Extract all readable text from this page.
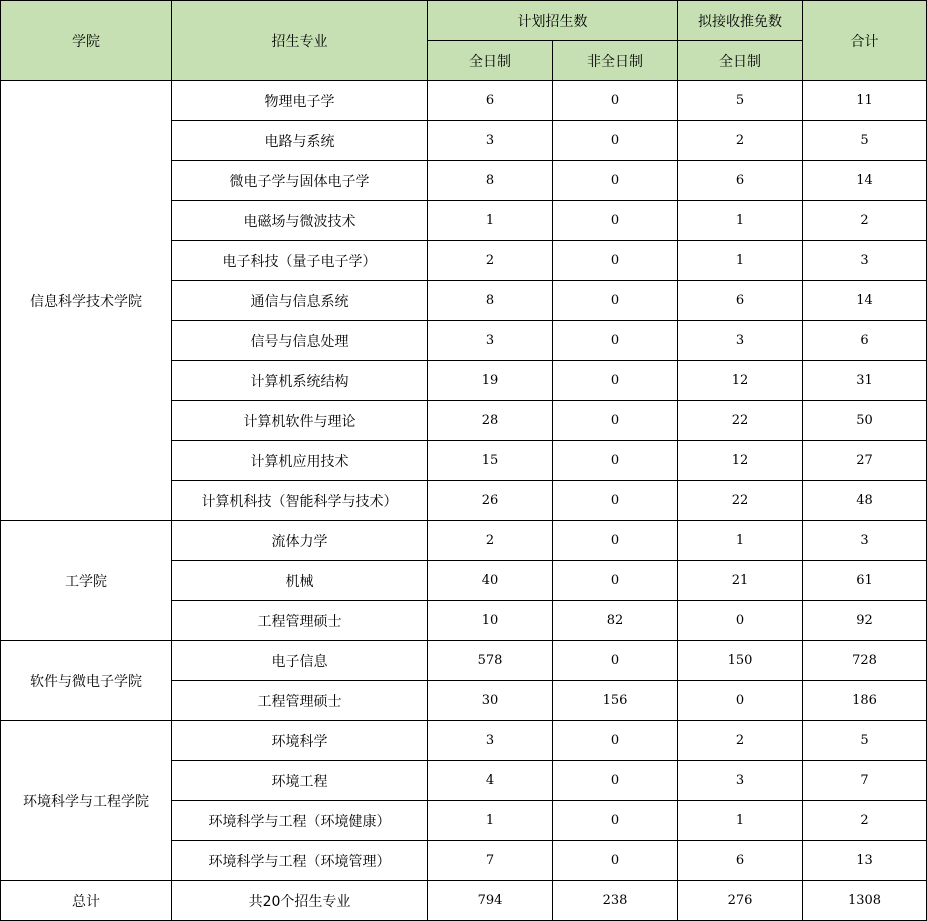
学院	招生专业	计划招生数		拟接收推免数	合计
		全日制	非全日制	全日制	
信息科学技术学院	物理电子学	6	0	5	11
	电路与系统	3	0	2	5
	微电子学与固体电子学	8	0	6	14
	电磁场与微波技术	1	0	1	2
	电子科技（量子电子学）	2	0	1	3
	通信与信息系统	8	0	6	14
	信号与信息处理	3	0	3	6
	计算机系统结构	19	0	12	31
	计算机软件与理论	28	0	22	50
	计算机应用技术	15	0	12	27
	计算机科技（智能科学与技术）	26	0	22	48
工学院	流体力学	2	0	1	3
	机械	40	0	21	61
	工程管理硕士	10	82	0	92
软件与微电子学院	电子信息	578	0	150	728
	工程管理硕士	30	156	0	186
环境科学与工程学院	环境科学	3	0	2	5
	环境工程	4	0	3	7
	环境科学与工程（环境健康）	1	0	1	2
	环境科学与工程（环境管理）	7	0	6	13
总计	共20个招生专业	794	238	276	1308
